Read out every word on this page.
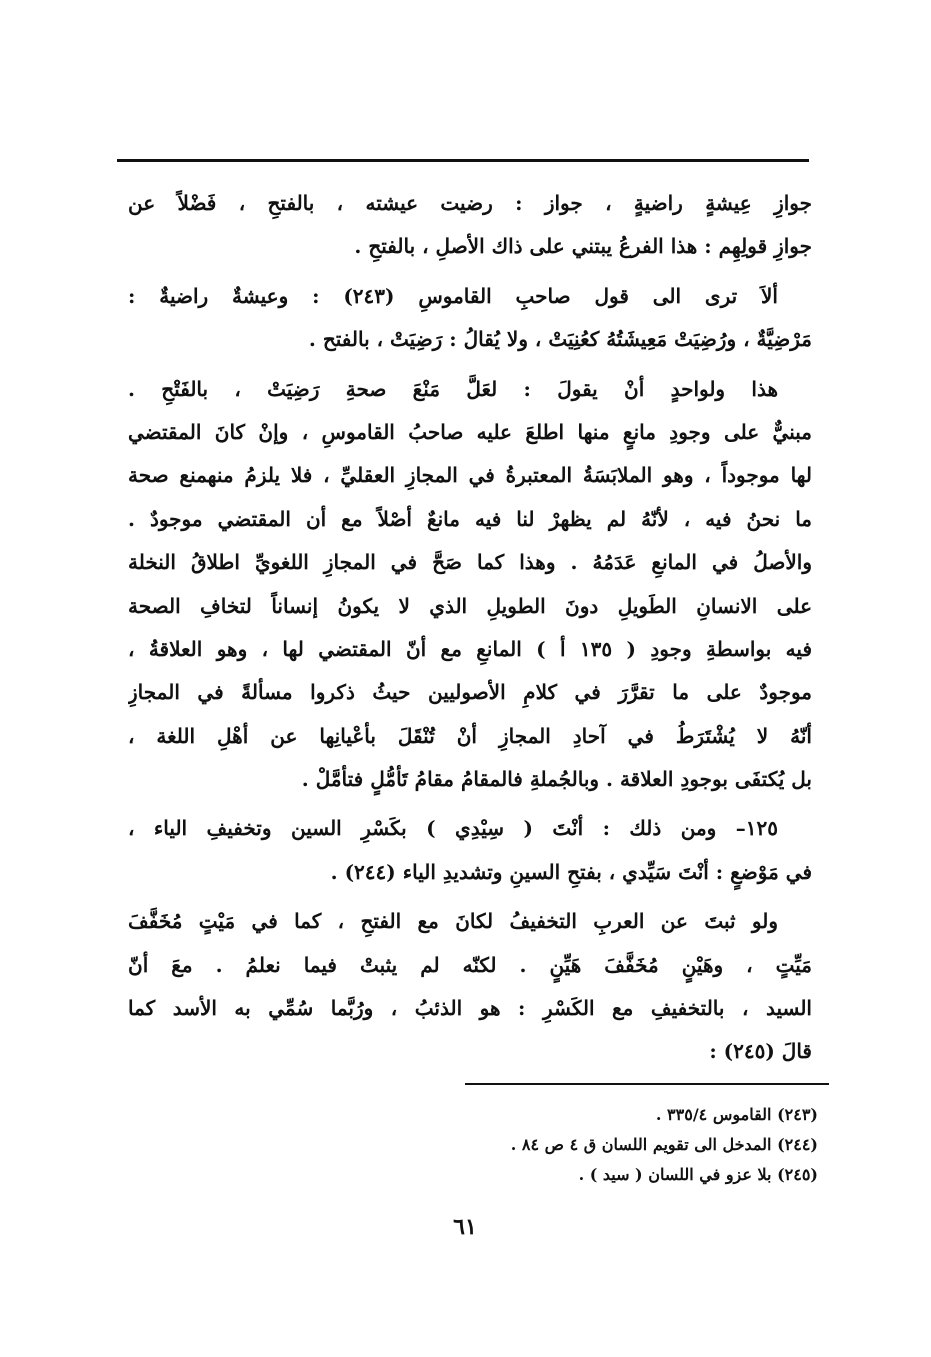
جوازِ عِيشةٍ راضيةٍ ، جواز : رضيت عيشته ، بالفتحِ ، فَضْلاً عن
جوازِ قولِهِم : هذا الفرعُ يبتني على ذاك الأصلِ ، بالفتحِ .
ألاَ ترى الى قول صاحبِ القاموسِ (٢٤٣) : وعيشةٌ راضيةٌ :
مَرْضِيَّةٌ ، ورُضِيَتْ مَعِيشَتُهُ كعُنِيَتْ ، ولا يُقالُ : رَضِيَتْ ، بالفتح .
هذا ولواحدٍ أنْ يقولَ : لعَلَّ مَنْعَ صحةِ رَضِيَتْ ، بالفَتْحِ .
مبنيٌّ على وجودِ مانعٍ منها اطلعَ عليه صاحبُ القاموسِ ، وإنْ كانَ المقتضي
لها موجوداً ، وهو الملابَسَةُ المعتبرةُ في المجازِ العقليِّ ، فلا يلزمُ منهمنع صحة
ما نحنُ فيه ، لأنّهُ لم يظهرْ لنا فيه مانعٌ أصْلاً مع أن المقتضي موجودٌ .
والأصلُ في المانعِ عَدَمُهُ . وهذا كما صَحَّ في المجازِ اللغويِّ اطلاقُ النخلة
على الانسانِ الطَويلِ دونَ الطويلِ الذي لا يكونُ إنساناً لتخافِ الصحة
فيه بواسطةِ وجودِ ( ١٣٥ أ ) المانعِ مع أنّ المقتضي لها ، وهو العلاقةُ ،
موجودٌ على ما تقرَّرَ في كلامِ الأصوليين حيثُ ذكروا مسألةً في المجازِ
أنّهُ لا يُشْتَرَطُ في آحادِ المجازِ أنْ تُنْقَلَ بأعْيانِها عن أهْلِ اللغة ،
بل يُكتفَى بوجودِ العلاقة . وبالجُملةِ فالمقامُ مقامُ تَأمُّلٍ فتأمَّلْ .
١٢٥– ومن ذلك : أنْتَ ( سِيْدِي ) بكَسْرِ السين وتخفيفِ الياء ،
في مَوْضعٍ : أنْتَ سَيِّدي ، بفتحِ السينِ وتشديدِ الياء (٢٤٤) .
ولو ثبتَ عن العربِ التخفيفُ لكانَ مع الفتحِ ، كما في مَيْتٍ مُخَفَّفَ
مَيِّتٍ ، وهَيْنٍ مُخَفَّفَ هَيِّنٍ . لكنّه لم يثبتْ فيما نعلمُ . معَ أنّ
السيد ، بالتخفيفِ مع الكَسْرِ : هو الذئبُ ، ورُبَّما سُمِّي به الأسد كما
قالَ (٢٤٥) :
(٢٤٣) القاموس ٣٣٥/٤ .
(٢٤٤) المدخل الى تقويم اللسان ق ٤ ص ٨٤ .
(٢٤٥) بلا عزو في اللسان ( سيد ) .
٦١
